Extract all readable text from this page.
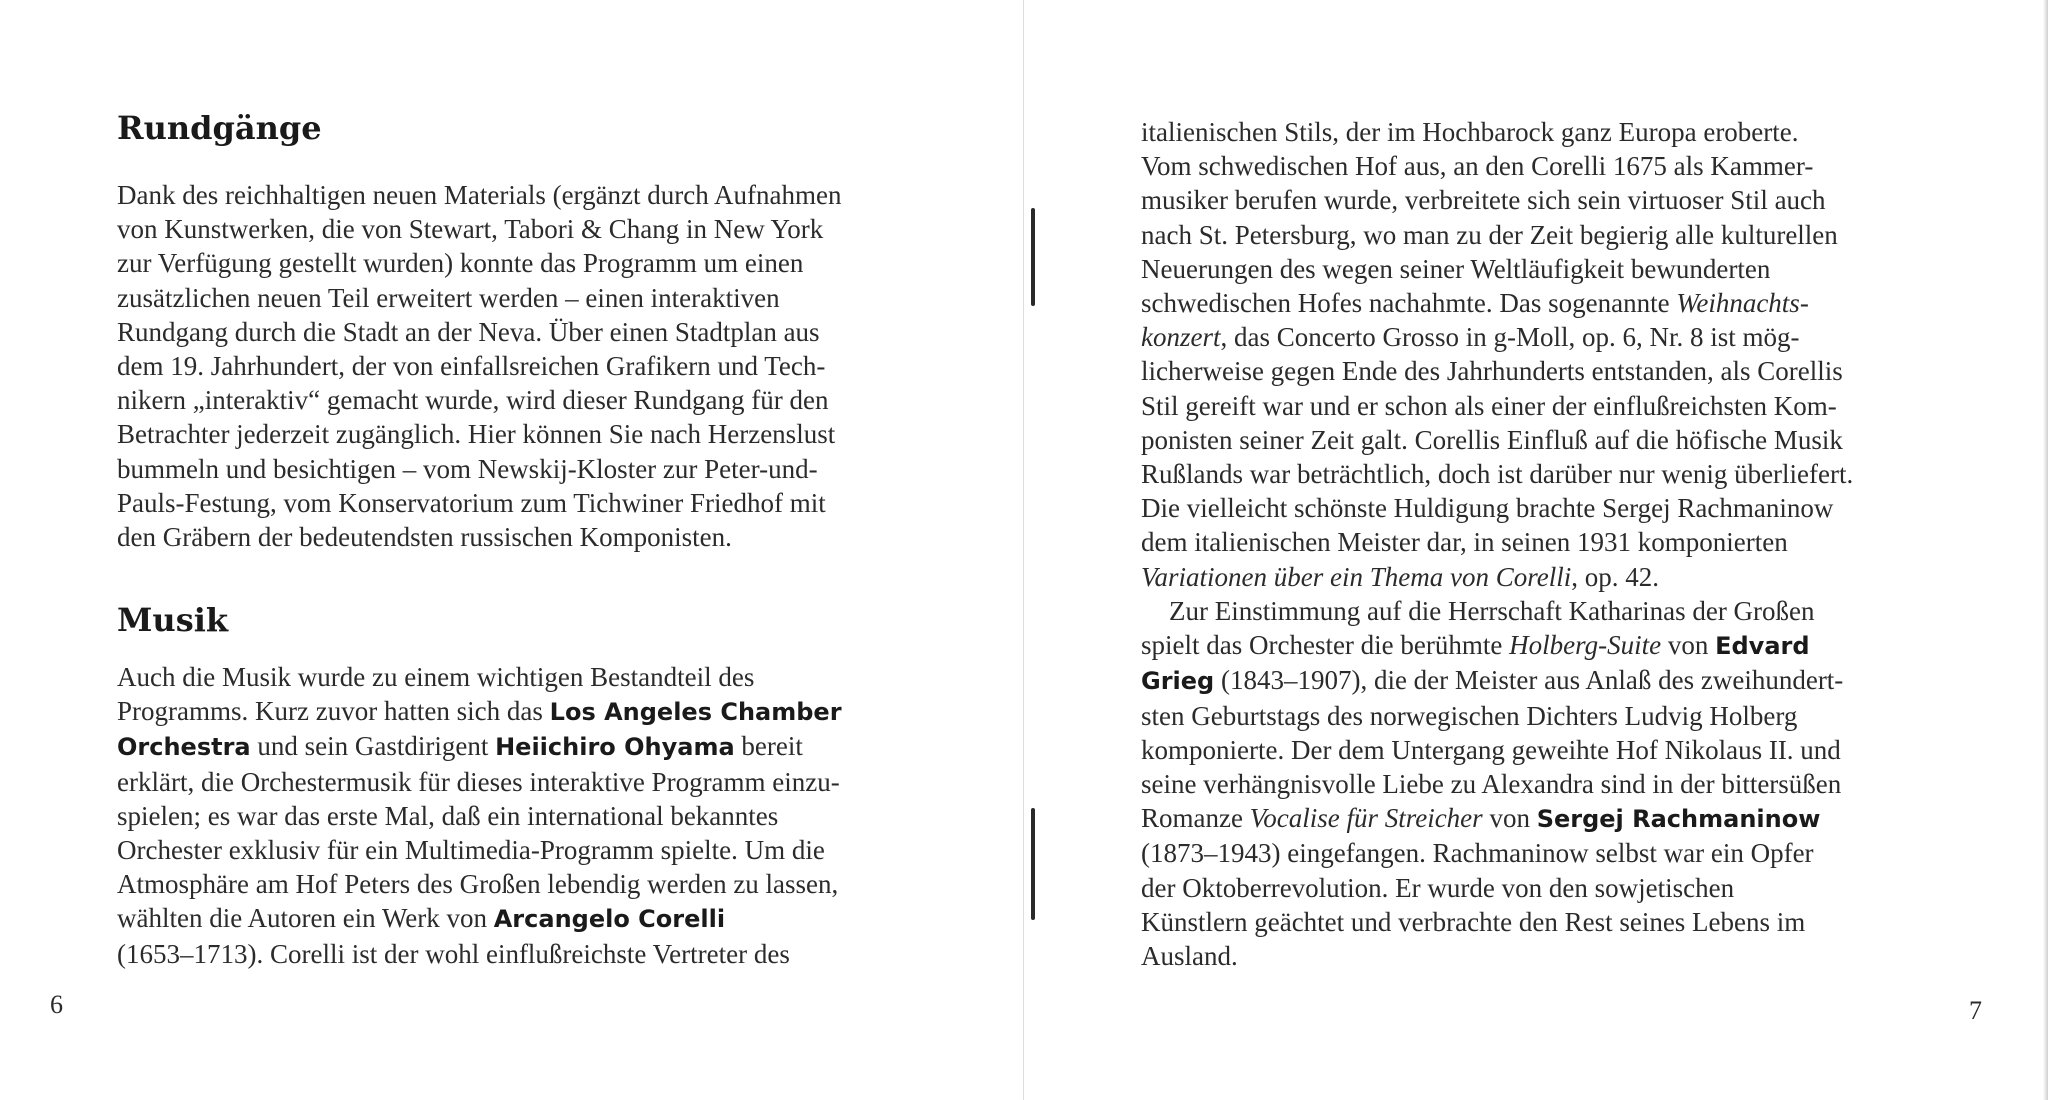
Rundgänge

Dank des reichhaltigen neuen Materials (ergänzt durch Aufnahmen
von Kunstwerken, die von Stewart, Tabori & Chang in New York
zur Verfügung gestellt wurden) konnte das Programm um einen
zusätzlichen neuen Teil erweitert werden – einen interaktiven
Rundgang durch die Stadt an der Neva. Über einen Stadtplan aus
dem 19. Jahrhundert, der von einfallsreichen Grafikern und Tech-
nikern „interaktiv“ gemacht wurde, wird dieser Rundgang für den
Betrachter jederzeit zugänglich. Hier können Sie nach Herzenslust
bummeln und besichtigen – vom Newskij-Kloster zur Peter-und-
Pauls-Festung, vom Konservatorium zum Tichwiner Friedhof mit
den Gräbern der bedeutendsten russischen Komponisten.

Musik

Auch die Musik wurde zu einem wichtigen Bestandteil des
Programms. Kurz zuvor hatten sich das Los Angeles Chamber
Orchestra und sein Gastdirigent Heiichiro Ohyama bereit
erklärt, die Orchestermusik für dieses interaktive Programm einzu-
spielen; es war das erste Mal, daß ein international bekanntes
Orchester exklusiv für ein Multimedia-Programm spielte. Um die
Atmosphäre am Hof Peters des Großen lebendig werden zu lassen,
wählten die Autoren ein Werk von Arcangelo Corelli
(1653–1713). Corelli ist der wohl einflußreichste Vertreter des

6

italienischen Stils, der im Hochbarock ganz Europa eroberte.
Vom schwedischen Hof aus, an den Corelli 1675 als Kammer-
musiker berufen wurde, verbreitete sich sein virtuoser Stil auch
nach St. Petersburg, wo man zu der Zeit begierig alle kulturellen
Neuerungen des wegen seiner Weltläufigkeit bewunderten
schwedischen Hofes nachahmte. Das sogenannte Weihnachts-
konzert, das Concerto Grosso in g-Moll, op. 6, Nr. 8 ist mög-
licherweise gegen Ende des Jahrhunderts entstanden, als Corellis
Stil gereift war und er schon als einer der einflußreichsten Kom-
ponisten seiner Zeit galt. Corellis Einfluß auf die höfische Musik
Rußlands war beträchtlich, doch ist darüber nur wenig überliefert.
Die vielleicht schönste Huldigung brachte Sergej Rachmaninow
dem italienischen Meister dar, in seinen 1931 komponierten
Variationen über ein Thema von Corelli, op. 42.

Zur Einstimmung auf die Herrschaft Katharinas der Großen
spielt das Orchester die berühmte Holberg-Suite von Edvard
Grieg (1843–1907), die der Meister aus Anlaß des zweihundert-
sten Geburtstags des norwegischen Dichters Ludvig Holberg
komponierte. Der dem Untergang geweihte Hof Nikolaus II. und
seine verhängnisvolle Liebe zu Alexandra sind in der bittersüßen
Romanze Vocalise für Streicher von Sergej Rachmaninow
(1873–1943) eingefangen. Rachmaninow selbst war ein Opfer
der Oktoberrevolution. Er wurde von den sowjetischen
Künstlern geächtet und verbrachte den Rest seines Lebens im
Ausland.

7
